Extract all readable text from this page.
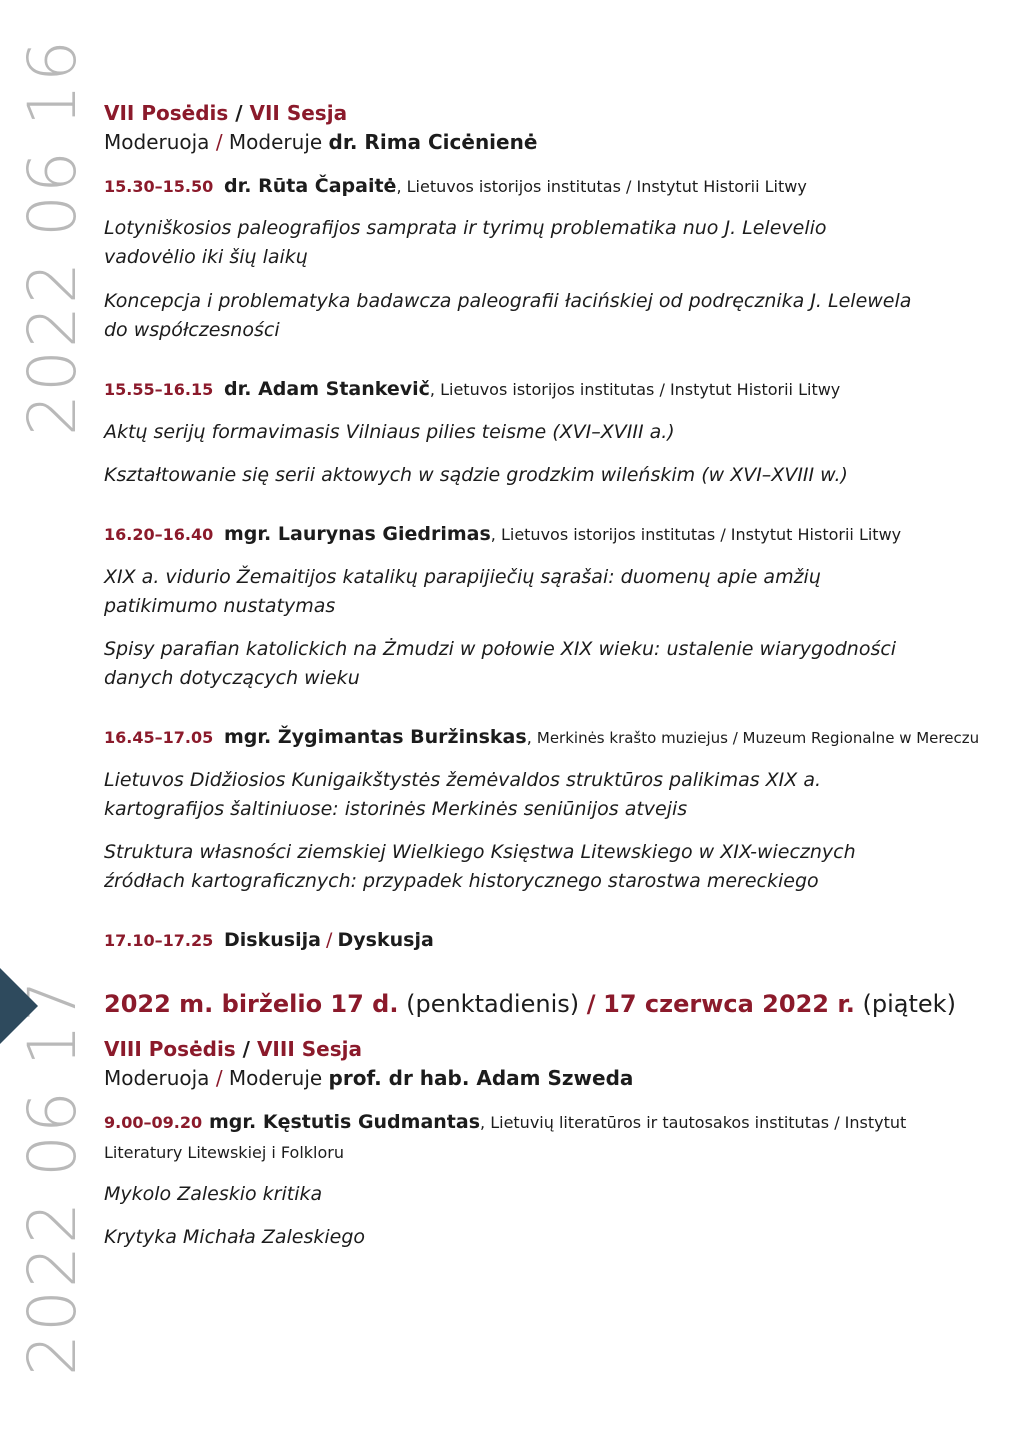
2022 06 16
2022 06 17
VII Posėdis / VII Sesja
Moderuoja / Moderuje dr. Rima Cicėnienė
15.30–15.50 dr. Rūta Čapaitė, Lietuvos istorijos institutas / Instytut Historii Litwy
Lotyniškosios paleografijos samprata ir tyrimų problematika nuo J. Lelevelio vadovėlio iki šių laikų
Koncepcja i problematyka badawcza paleografii łacińskiej od podręcznika J. Lelewela do współczesności
15.55–16.15 dr. Adam Stankevič, Lietuvos istorijos institutas / Instytut Historii Litwy
Aktų serijų formavimasis Vilniaus pilies teisme (XVI–XVIII a.)
Kształtowanie się serii aktowych w sądzie grodzkim wileńskim (w XVI–XVIII w.)
16.20–16.40 mgr. Laurynas Giedrimas, Lietuvos istorijos institutas / Instytut Historii Litwy
XIX a. vidurio Žemaitijos katalikų parapijiečių sąrašai: duomenų apie amžių patikimumo nustatymas
Spisy parafian katolickich na Żmudzi w połowie XIX wieku: ustalenie wiarygodności danych dotyczących wieku
16.45–17.05 mgr. Žygimantas Buržinskas, Merkinės krašto muziejus / Muzeum Regionalne w Mereczu
Lietuvos Didžiosios Kunigaikštystės žemėvaldos struktūros palikimas XIX a. kartografijos šaltiniuose: istorinės Merkinės seniūnijos atvejis
Struktura własności ziemskiej Wielkiego Księstwa Litewskiego w XIX-wiecznych źródłach kartograficznych: przypadek historycznego starostwa mereckiego
17.10–17.25 Diskusija / Dyskusja
2022 m. birželio 17 d. (penktadienis) / 17 czerwca 2022 r. (piątek)
VIII Posėdis / VIII Sesja
Moderuoja / Moderuje prof. dr hab. Adam Szweda
9.00–09.20 mgr. Kęstutis Gudmantas, Lietuvių literatūros ir tautosakos institutas / Instytut
Literatury Litewskiej i Folkloru
Mykolo Zaleskio kritika
Krytyka Michała Zaleskiego
